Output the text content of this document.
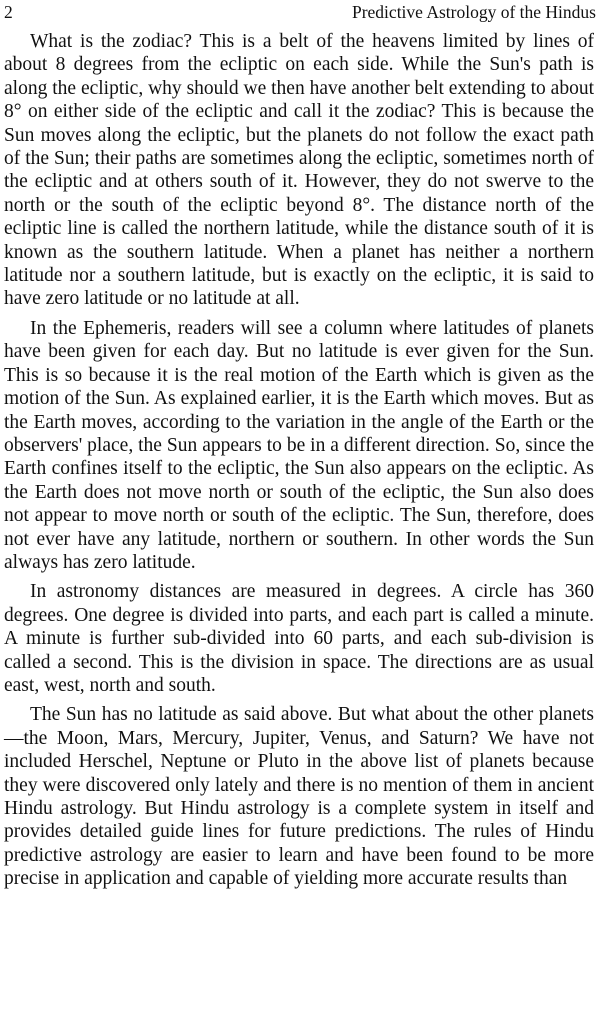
2	Predictive Astrology of the Hindus

What is the zodiac? This is a belt of the heavens limited by lines of about 8 degrees from the ecliptic on each side. While the Sun's path is along the ecliptic, why should we then have another belt extending to about 8° on either side of the ecliptic and call it the zodiac? This is because the Sun moves along the ecliptic, but the planets do not follow the exact path of the Sun; their paths are sometimes along the ecliptic, sometimes north of the ecliptic and at others south of it. However, they do not swerve to the north or the south of the ecliptic beyond 8°. The distance north of the ecliptic line is called the northern latitude, while the distance south of it is known as the southern latitude. When a planet has neither a northern latitude nor a southern latitude, but is exactly on the ecliptic, it is said to have zero latitude or no latitude at all.

In the Ephemeris, readers will see a column where latitudes of planets have been given for each day. But no latitude is ever given for the Sun. This is so because it is the real motion of the Earth which is given as the motion of the Sun. As explained earlier, it is the Earth which moves. But as the Earth moves, according to the variation in the angle of the Earth or the observers' place, the Sun appears to be in a different direction. So, since the Earth confines itself to the ecliptic, the Sun also appears on the ecliptic. As the Earth does not move north or south of the ecliptic, the Sun also does not appear to move north or south of the ecliptic. The Sun, therefore, does not ever have any latitude, northern or southern. In other words the Sun always has zero latitude.

In astronomy distances are measured in degrees. A circle has 360 degrees. One degree is divided into parts, and each part is called a minute. A minute is further sub-divided into 60 parts, and each sub-division is called a second. This is the division in space. The directions are as usual east, west, north and south.

The Sun has no latitude as said above. But what about the other planets—the Moon, Mars, Mercury, Jupiter, Venus, and Saturn? We have not included Herschel, Neptune or Pluto in the above list of planets because they were discovered only lately and there is no mention of them in ancient Hindu astrology. But Hindu astrology is a complete system in itself and provides detailed guide lines for future predictions. The rules of Hindu predictive astrology are easier to learn and have been found to be more precise in application and capable of yielding more accurate results than
